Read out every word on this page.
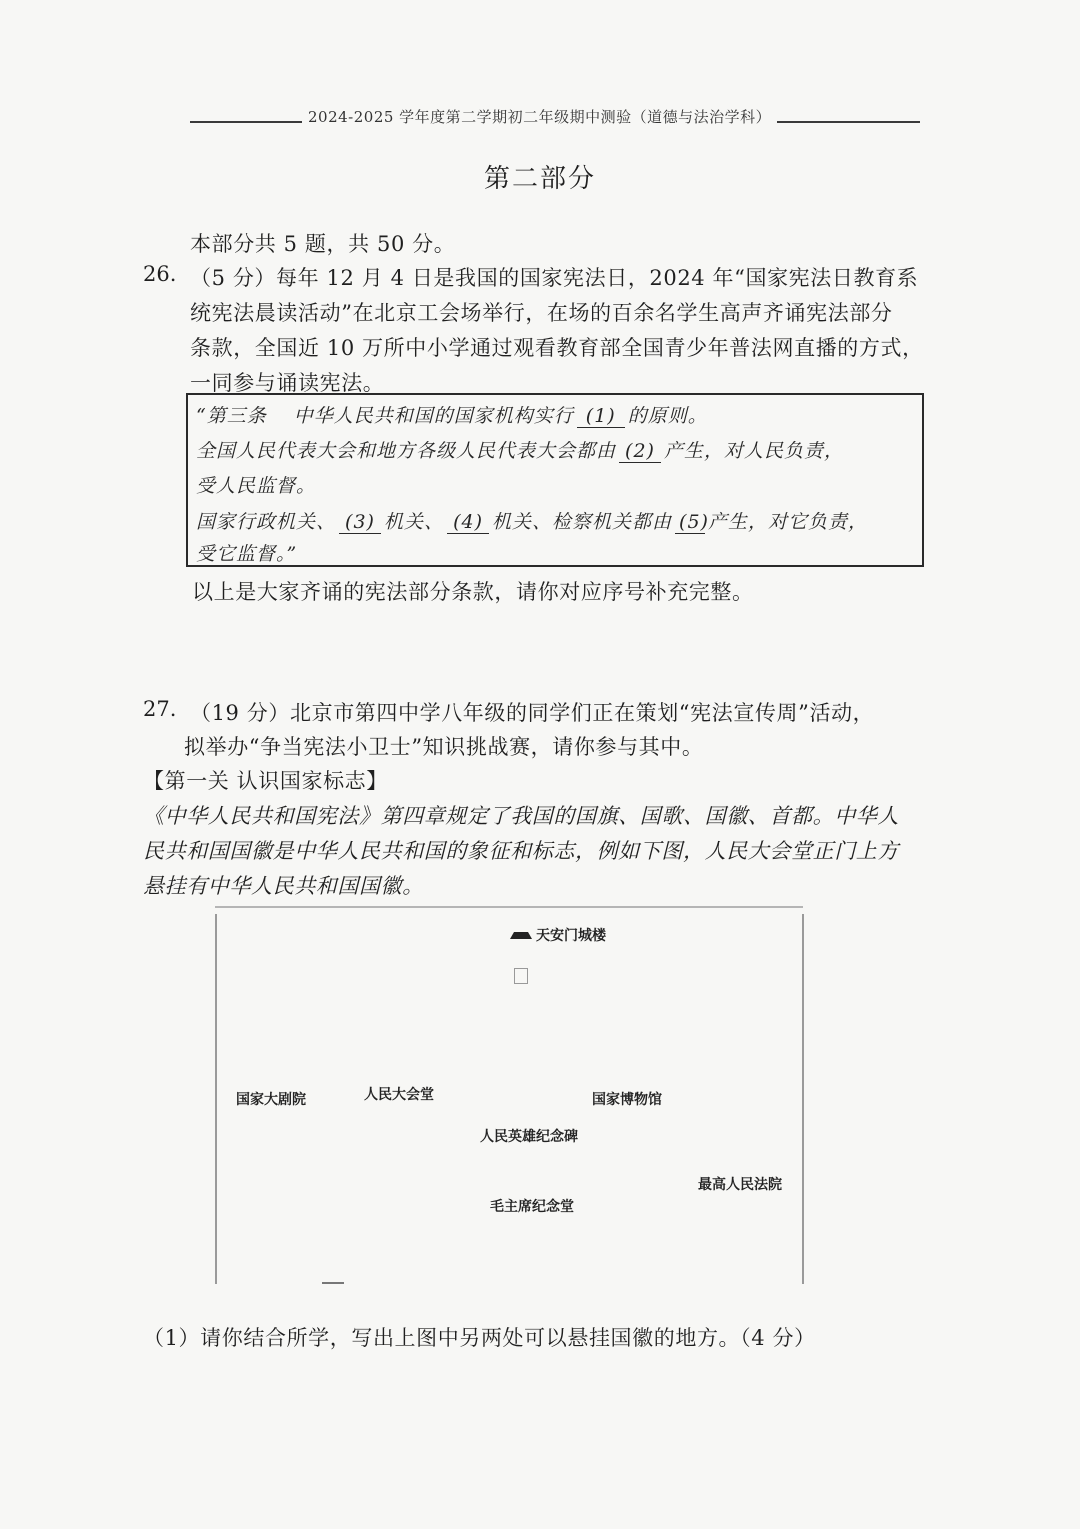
2024-2025 学年度第二学期初二年级期中测验（道德与法治学科）
第二部分
本部分共 5 题，共 50 分。
26. （5 分）每年 12 月 4 日是我国的国家宪法日，2024 年“国家宪法日教育系
统宪法晨读活动”在北京工会场举行，在场的百余名学生高声齐诵宪法部分
条款，全国近 10 万所中小学通过观看教育部全国青少年普法网直播的方式，
一同参与诵读宪法。
“第三条　 中华人民共和国的国家机构实行 (1) 的原则。
全国人民代表大会和地方各级人民代表大会都由 (2) 产生，对人民负责，
受人民监督。
国家行政机关、 (3) 机关、 (4) 机关、检察机关都由 (5)产生，对它负责，
受它监督。”
以上是大家齐诵的宪法部分条款，请你对应序号补充完整。
27. （19 分）北京市第四中学八年级的同学们正在策划“宪法宣传周”活动，
拟举办“争当宪法小卫士”知识挑战赛，请你参与其中。
【第一关 认识国家标志】
《中华人民共和国宪法》第四章规定了我国的国旗、国歌、国徽、首都。中华人
民共和国国徽是中华人民共和国的象征和标志，例如下图，人民大会堂正门上方
悬挂有中华人民共和国国徽。
天安门城楼
国家大剧院	人民大会堂	国家博物馆
人民英雄纪念碑
最高人民法院
毛主席纪念堂
（1）请你结合所学，写出上图中另两处可以悬挂国徽的地方。（4 分）
